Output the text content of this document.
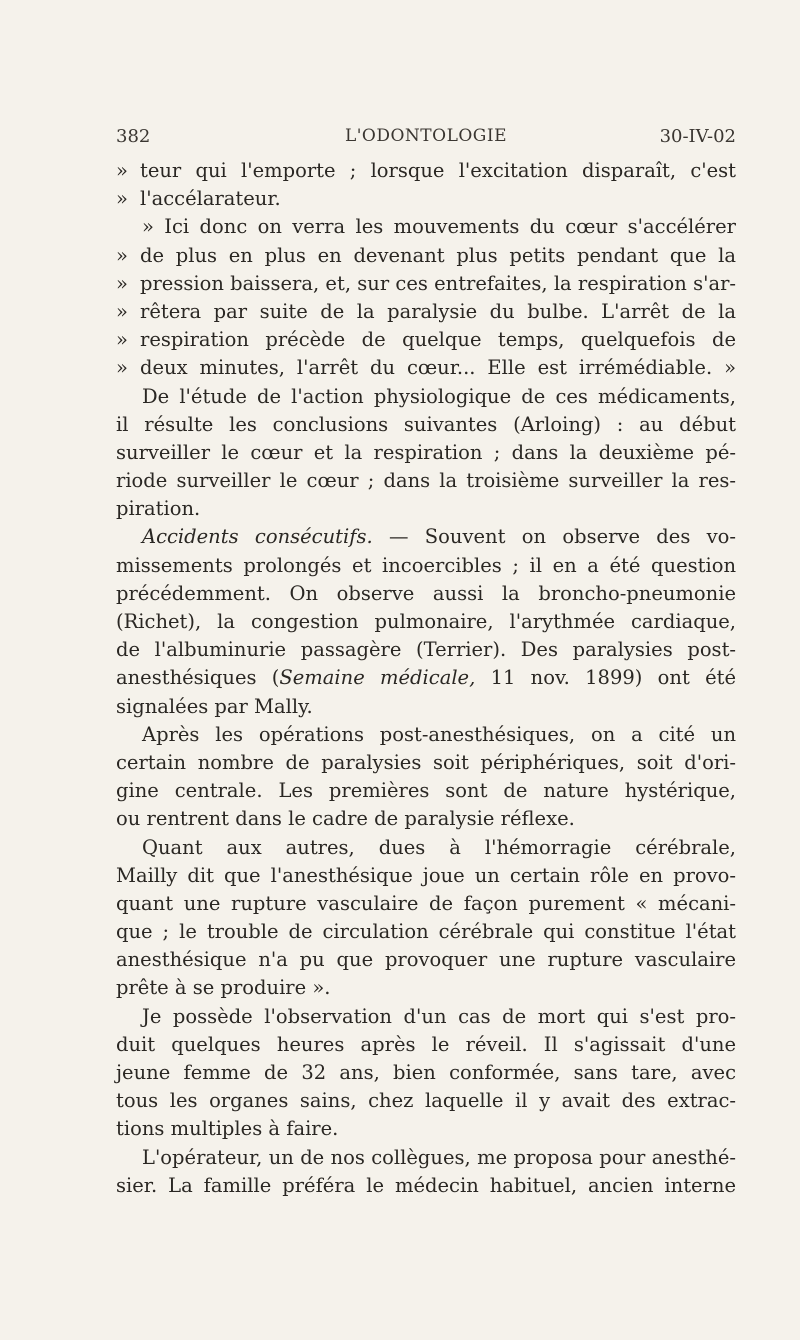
382	L'ODONTOLOGIE	30-IV-02
» teur qui l'emporte ; lorsque l'excitation disparaît, c'est
» l'accélarateur.
» Ici donc on verra les mouvements du cœur s'accélérer
» de plus en plus en devenant plus petits pendant que la
» pression baissera, et, sur ces entrefaites, la respiration s'ar-
» rêtera par suite de la paralysie du bulbe. L'arrêt de la
» respiration précède de quelque temps, quelquefois de
» deux minutes, l'arrêt du cœur... Elle est irrémédiable. »
De l'étude de l'action physiologique de ces médicaments,
il résulte les conclusions suivantes (Arloing) : au début
surveiller le cœur et la respiration ; dans la deuxième pé-
riode surveiller le cœur ; dans la troisième surveiller la res-
piration.
Accidents consécutifs. — Souvent on observe des vo-
missements prolongés et incoercibles ; il en a été question
précédemment. On observe aussi la broncho-pneumonie
(Richet), la congestion pulmonaire, l'arythmée cardiaque,
de l'albuminurie passagère (Terrier). Des paralysies post-
anesthésiques (Semaine médicale, 11 nov. 1899) ont été
signalées par Mally.
Après les opérations post-anesthésiques, on a cité un
certain nombre de paralysies soit périphériques, soit d'ori-
gine centrale. Les premières sont de nature hystérique,
ou rentrent dans le cadre de paralysie réflexe.
Quant aux autres, dues à l'hémorragie cérébrale,
Mailly dit que l'anesthésique joue un certain rôle en provo-
quant une rupture vasculaire de façon purement « mécani-
que ; le trouble de circulation cérébrale qui constitue l'état
anesthésique n'a pu que provoquer une rupture vasculaire
prête à se produire ».
Je possède l'observation d'un cas de mort qui s'est pro-
duit quelques heures après le réveil. Il s'agissait d'une
jeune femme de 32 ans, bien conformée, sans tare, avec
tous les organes sains, chez laquelle il y avait des extrac-
tions multiples à faire.
L'opérateur, un de nos collègues, me proposa pour anesthé-
sier. La famille préféra le médecin habituel, ancien interne
